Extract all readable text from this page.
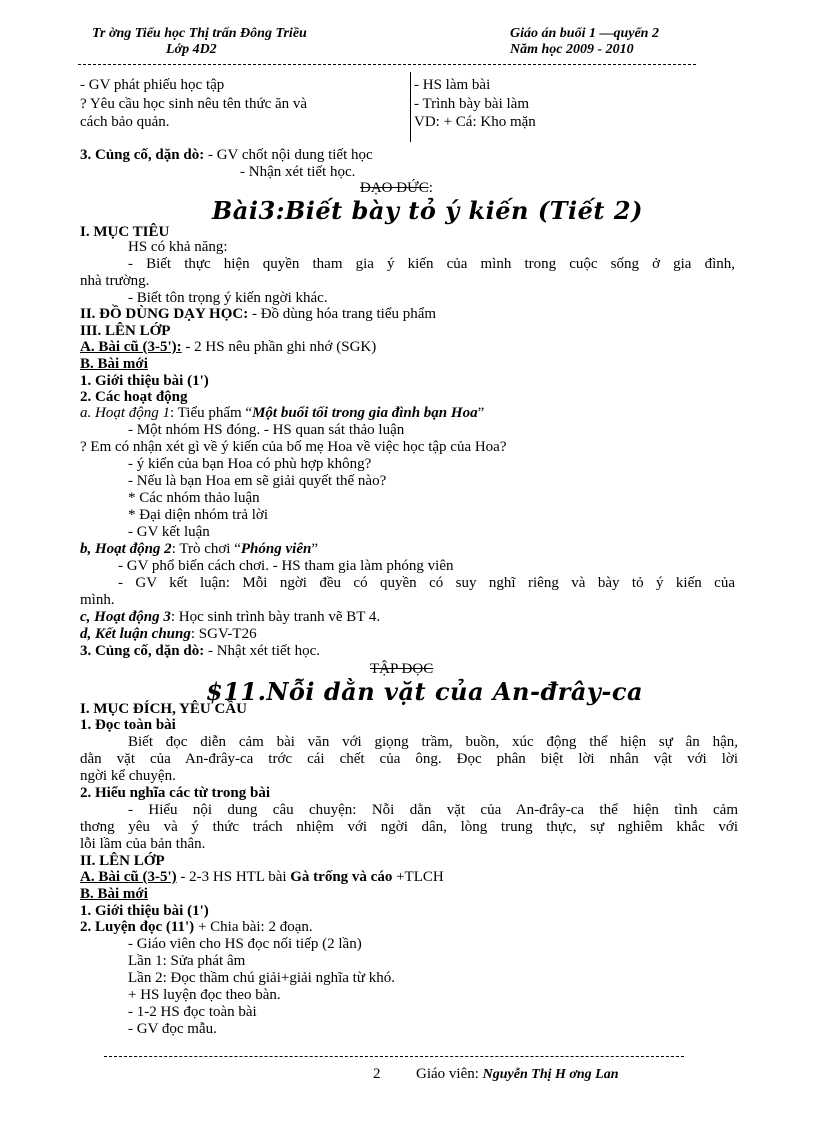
Tr ờng Tiểu học Thị trấn Đông Triều
Lớp 4D2
Giáo án buổi 1 —quyển 2
Năm học 2009 - 2010
- GV phát phiếu học tập
? Yêu cầu học sinh nêu tên thức ăn và
cách bảo quản.
- HS làm bài
- Trình bày bài làm
VD: + Cá: Kho mặn
3. Củng cố, dặn dò: - GV chốt nội dung tiết học
- Nhận xét tiết học.
ĐẠO ĐỨC:
Bài3:Biết bày tỏ ý kiến (Tiết 2)
I. MỤC TIÊU
HS có khả năng:
- Biết thực hiện quyền tham gia ý kiến của mình trong cuộc sống ở gia đình,
nhà trường.
- Biết tôn trọng ý kiến ngời khác.
II. ĐỒ DÙNG DẠY HỌC: - Đồ dùng hóa trang tiểu phẩm
III. LÊN LỚP
A. Bài cũ (3-5'): - 2 HS nêu phần ghi nhớ (SGK)
B. Bài mới
1. Giới thiệu bài (1')
2. Các hoạt động
a. Hoạt động 1: Tiểu phẩm “Một buổi tối trong gia đình bạn Hoa”
- Một nhóm HS đóng. - HS quan sát thảo luận
? Em có nhận xét gì về ý kiến của bố mẹ Hoa về việc học tập của Hoa?
- ý kiến của bạn Hoa có phù hợp không?
- Nếu là bạn Hoa em sẽ giải quyết thế nào?
* Các nhóm thảo luận
* Đại diện nhóm trả lời
- GV kết luận
b, Hoạt động 2: Trò chơi “Phóng viên”
- GV phổ biến cách chơi. - HS tham gia làm phóng viên
- GV kết luận: Mỗi ngời đều có quyền có suy nghĩ riêng và bày tỏ ý kiến của
mình.
c, Hoạt động 3: Học sinh trình bày tranh vẽ BT 4.
d, Kết luận chung: SGV-T26
3. Củng cố, dặn dò: - Nhật xét tiết học.
TẬP ĐỌC
$11.Nỗi dằn vặt của An-đrây-ca
I. MỤC ĐÍCH, YÊU CẦU
1. Đọc toàn bài
Biết đọc diễn cảm bài văn với giọng trầm, buồn, xúc động thể hiện sự ân hận,
dằn vặt của An-đrây-ca trớc cái chết của ông. Đọc phân biệt lời nhân vật với lời
ngời kể chuyện.
2. Hiểu nghĩa các từ trong bài
- Hiểu nội dung câu chuyện: Nỗi dằn vặt của An-đrây-ca thể hiện tình cảm
thơng yêu và ý thức trách nhiệm với ngời dân, lòng trung thực, sự nghiêm khắc với
lỗi lầm của bản thân.
II. LÊN LỚP
A. Bài cũ (3-5') - 2-3 HS HTL bài Gà trống và cáo +TLCH
B. Bài mới
1. Giới thiệu bài (1')
2. Luyện đọc (11') + Chia bài: 2 đoạn.
- Giáo viên cho HS đọc nối tiếp (2 lần)
Lần 1: Sửa phát âm
Lần 2: Đọc thầm chú giải+giải nghĩa từ khó.
+ HS luyện đọc theo bàn.
- 1-2 HS đọc toàn bài
- GV đọc mẫu.
2 Giáo viên: Nguyễn Thị H ơng Lan
